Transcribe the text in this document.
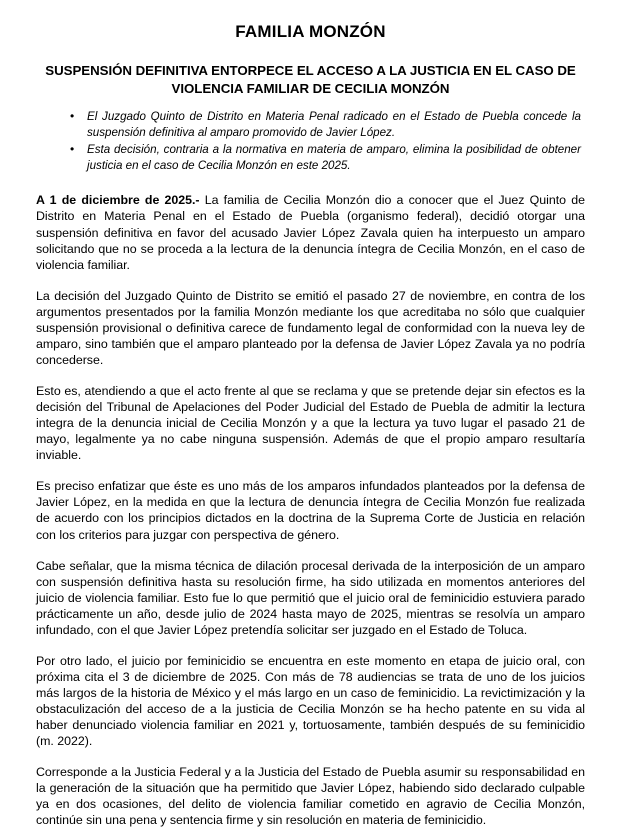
FAMILIA MONZÓN
SUSPENSIÓN DEFINITIVA ENTORPECE EL ACCESO A LA JUSTICIA EN EL CASO DE VIOLENCIA FAMILIAR DE CECILIA MONZÓN
• El Juzgado Quinto de Distrito en Materia Penal radicado en el Estado de Puebla concede la suspensión definitiva al amparo promovido de Javier López.
• Esta decisión, contraria a la normativa en materia de amparo, elimina la posibilidad de obtener justicia en el caso de Cecilia Monzón en este 2025.

A 1 de diciembre de 2025.- La familia de Cecilia Monzón dio a conocer que el Juez Quinto de Distrito en Materia Penal en el Estado de Puebla (organismo federal), decidió otorgar una suspensión definitiva en favor del acusado Javier López Zavala quien ha interpuesto un amparo solicitando que no se proceda a la lectura de la denuncia íntegra de Cecilia Monzón, en el caso de violencia familiar.

La decisión del Juzgado Quinto de Distrito se emitió el pasado 27 de noviembre, en contra de los argumentos presentados por la familia Monzón mediante los que acreditaba no sólo que cualquier suspensión provisional o definitiva carece de fundamento legal de conformidad con la nueva ley de amparo, sino también que el amparo planteado por la defensa de Javier López Zavala ya no podría concederse.

Esto es, atendiendo a que el acto frente al que se reclama y que se pretende dejar sin efectos es la decisión del Tribunal de Apelaciones del Poder Judicial del Estado de Puebla de admitir la lectura integra de la denuncia inicial de Cecilia Monzón y a que la lectura ya tuvo lugar el pasado 21 de mayo, legalmente ya no cabe ninguna suspensión. Además de que el propio amparo resultaría inviable.

Es preciso enfatizar que éste es uno más de los amparos infundados planteados por la defensa de Javier López, en la medida en que la lectura de denuncia íntegra de Cecilia Monzón fue realizada de acuerdo con los principios dictados en la doctrina de la Suprema Corte de Justicia en relación con los criterios para juzgar con perspectiva de género.

Cabe señalar, que la misma técnica de dilación procesal derivada de la interposición de un amparo con suspensión definitiva hasta su resolución firme, ha sido utilizada en momentos anteriores del juicio de violencia familiar. Esto fue lo que permitió que el juicio oral de feminicidio estuviera parado prácticamente un año, desde julio de 2024 hasta mayo de 2025, mientras se resolvía un amparo infundado, con el que Javier López pretendía solicitar ser juzgado en el Estado de Toluca.

Por otro lado, el juicio por feminicidio se encuentra en este momento en etapa de juicio oral, con próxima cita el 3 de diciembre de 2025. Con más de 78 audiencias se trata de uno de los juicios más largos de la historia de México y el más largo en un caso de feminicidio. La revictimización y la obstaculización del acceso de a la justicia de Cecilia Monzón se ha hecho patente en su vida al haber denunciado violencia familiar en 2021 y, tortuosamente, también después de su feminicidio (m. 2022).

Corresponde a la Justicia Federal y a la Justicia del Estado de Puebla asumir su responsabilidad en la generación de la situación que ha permitido que Javier López, habiendo sido declarado culpable ya en dos ocasiones, del delito de violencia familiar cometido en agravio de Cecilia Monzón, continúe sin una pena y sentencia firme y sin resolución en materia de feminicidio.
